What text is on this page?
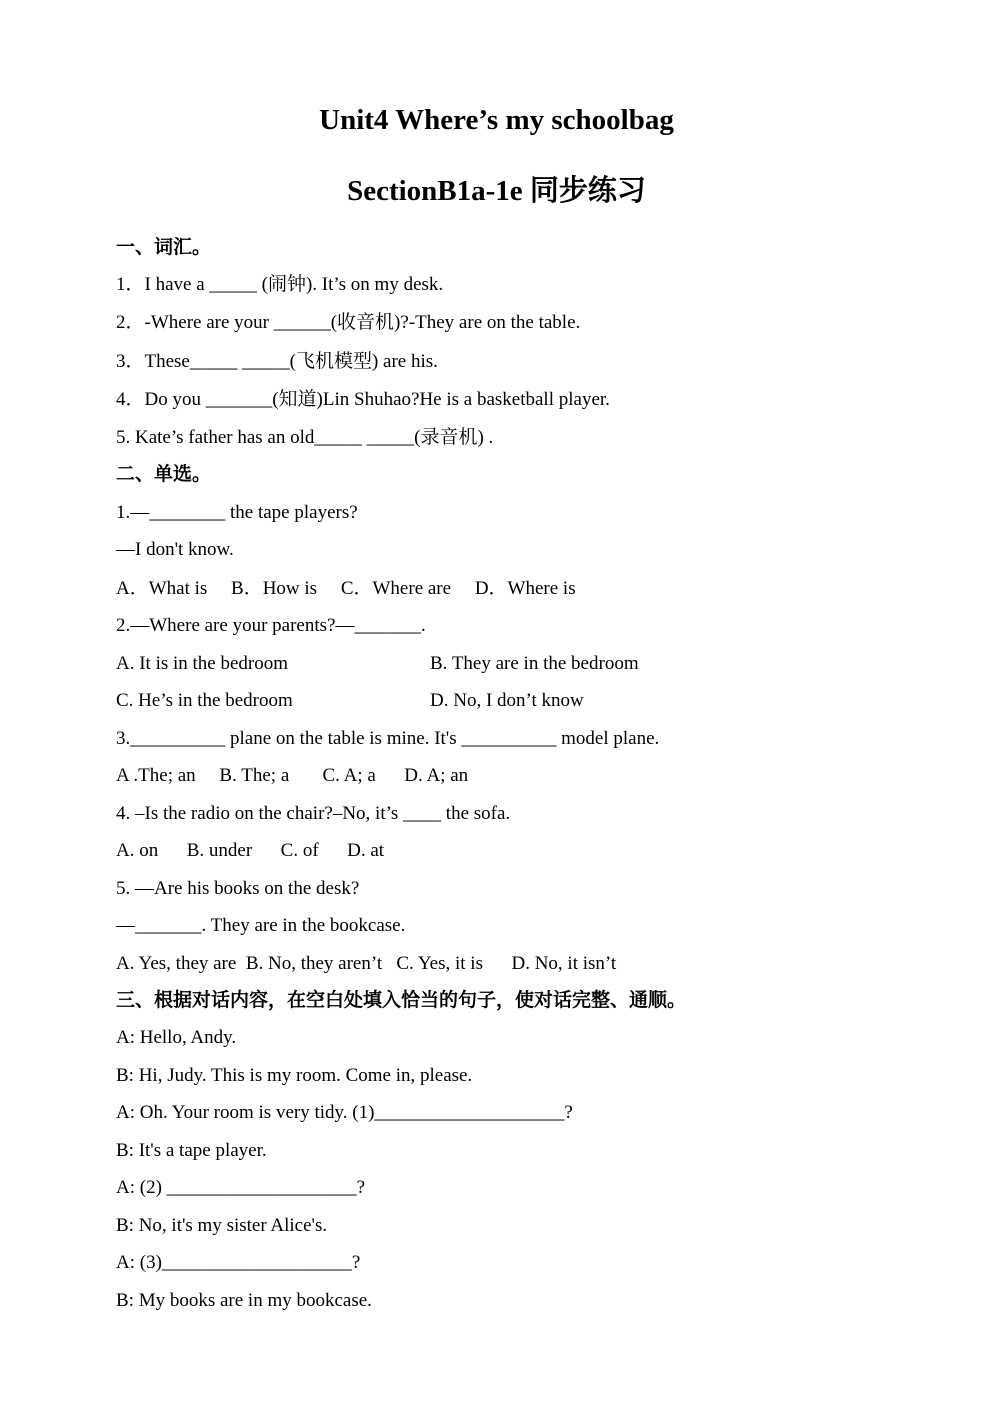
Unit4 Where’s my schoolbag
SectionB1a-1e 同步练习

一、词汇。

1．I have a _____ (闹钟). It’s on my desk.

2．-Where are your ______(收音机)?-They are on the table.

3．These_____ _____(飞机模型) are his.

4．Do you _______(知道)Lin Shuhao?He is a basketball player.

5. Kate’s father has an old_____ _____(录音机) .

二、单选。

1.—________ the tape players?

—I don't know.

A．What is     B．How is     C．Where are     D．Where is

2.—Where are your parents?—_______.

A. It is in the bedroom	B. They are in the bedroom

C. He’s in the bedroom	D. No, I don’t know

3.__________ plane on the table is mine. It's __________ model plane.

A .The; an     B. The; a       C. A; a      D. A; an

4. –Is the radio on the chair?–No, it’s ____ the sofa.

A. on      B. under      C. of      D. at

5. —Are his books on the desk?

—_______. They are in the bookcase.

A. Yes, they are  B. No, they aren’t   C. Yes, it is      D. No, it isn’t

三、根据对话内容，在空白处填入恰当的句子，使对话完整、通顺。

A: Hello, Andy.

B: Hi, Judy. This is my room. Come in, please.

A: Oh. Your room is very tidy. (1)____________________?

B: It's a tape player.

A: (2) ____________________?

B: No, it's my sister Alice's.

A: (3)____________________?

B: My books are in my bookcase.
